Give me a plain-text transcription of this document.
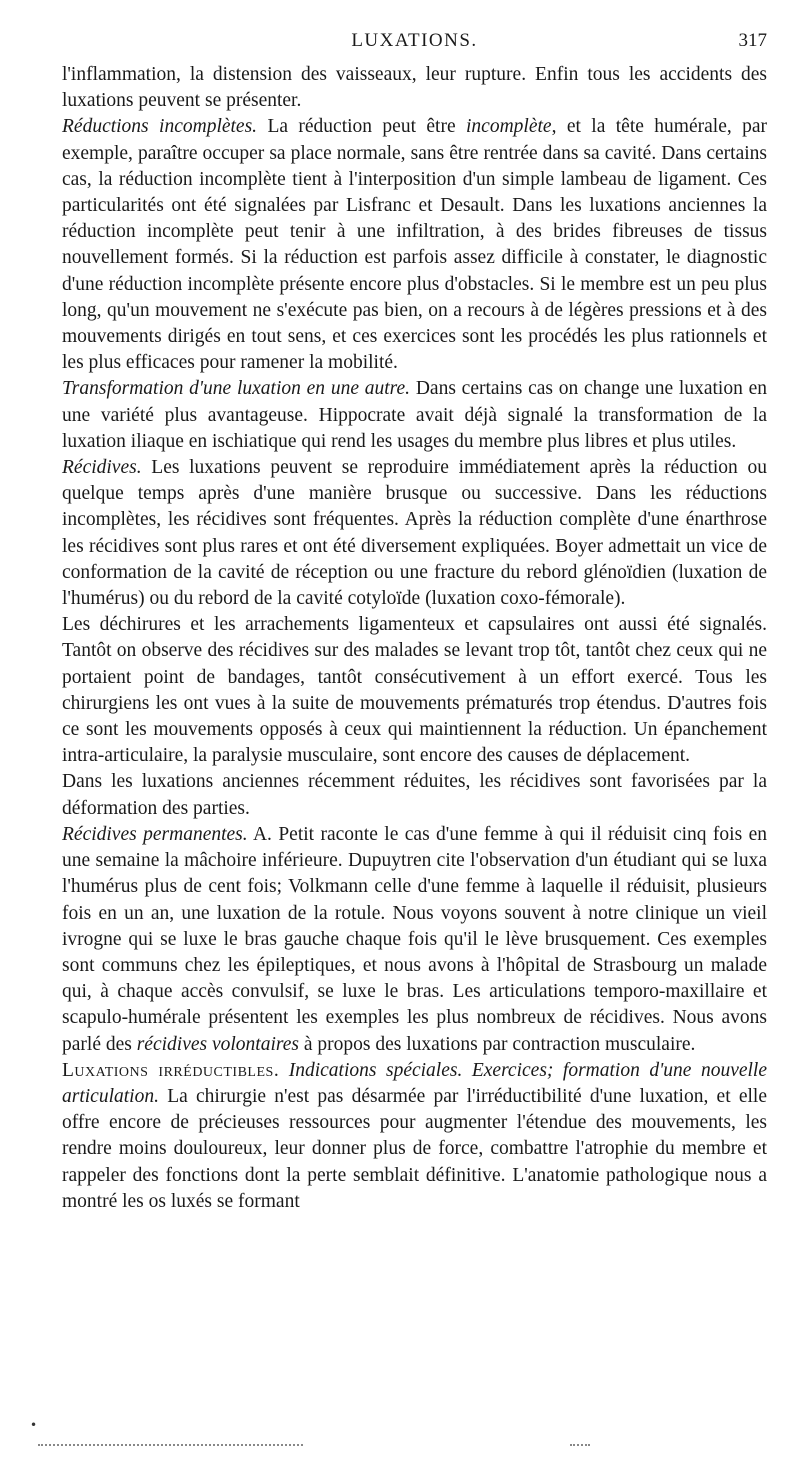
LUXATIONS.	317

l'inflammation, la distension des vaisseaux, leur rupture. Enfin tous les accidents des luxations peuvent se présenter.

Réductions incomplètes. La réduction peut être incomplète, et la tête humérale, par exemple, paraître occuper sa place normale, sans être rentrée dans sa cavité. Dans certains cas, la réduction incomplète tient à l'interposition d'un simple lambeau de ligament. Ces particularités ont été signalées par Lisfranc et Desault. Dans les luxations anciennes la réduction incomplète peut tenir à une infiltration, à des brides fibreuses de tissus nouvellement formés. Si la réduction est parfois assez difficile à constater, le diagnostic d'une réduction incomplète présente encore plus d'obstacles. Si le membre est un peu plus long, qu'un mouvement ne s'exécute pas bien, on a recours à de légères pressions et à des mouvements dirigés en tout sens, et ces exercices sont les procédés les plus rationnels et les plus efficaces pour ramener la mobilité.

Transformation d'une luxation en une autre. Dans certains cas on change une luxation en une variété plus avantageuse. Hippocrate avait déjà signalé la transformation de la luxation iliaque en ischiatique qui rend les usages du membre plus libres et plus utiles.

Récidives. Les luxations peuvent se reproduire immédiatement après la réduction ou quelque temps après d'une manière brusque ou successive. Dans les réductions incomplètes, les récidives sont fréquentes. Après la réduction complète d'une énarthrose les récidives sont plus rares et ont été diversement expliquées. Boyer admettait un vice de conformation de la cavité de réception ou une fracture du rebord glénoïdien (luxation de l'humérus) ou du rebord de la cavité cotyloïde (luxation coxo-fémorale).

Les déchirures et les arrachements ligamenteux et capsulaires ont aussi été signalés. Tantôt on observe des récidives sur des malades se levant trop tôt, tantôt chez ceux qui ne portaient point de bandages, tantôt consécutivement à un effort exercé. Tous les chirurgiens les ont vues à la suite de mouvements prématurés trop étendus. D'autres fois ce sont les mouvements opposés à ceux qui maintiennent la réduction. Un épanchement intra-articulaire, la paralysie musculaire, sont encore des causes de déplacement.

Dans les luxations anciennes récemment réduites, les récidives sont favorisées par la déformation des parties.

Récidives permanentes. A. Petit raconte le cas d'une femme à qui il réduisit cinq fois en une semaine la mâchoire inférieure. Dupuytren cite l'observation d'un étudiant qui se luxa l'humérus plus de cent fois; Volkmann celle d'une femme à laquelle il réduisit, plusieurs fois en un an, une luxation de la rotule. Nous voyons souvent à notre clinique un vieil ivrogne qui se luxe le bras gauche chaque fois qu'il le lève brusquement. Ces exemples sont communs chez les épileptiques, et nous avons à l'hôpital de Strasbourg un malade qui, à chaque accès convulsif, se luxe le bras. Les articulations temporo-maxillaire et scapulo-humérale présentent les exemples les plus nombreux de récidives. Nous avons parlé des récidives volontaires à propos des luxations par contraction musculaire.

Luxations irréductibles. Indications spéciales. Exercices; formation d'une nouvelle articulation. La chirurgie n'est pas désarmée par l'irréductibilité d'une luxation, et elle offre encore de précieuses ressources pour augmenter l'étendue des mouvements, les rendre moins douloureux, leur donner plus de force, combattre l'atrophie du membre et rappeler des fonctions dont la perte semblait définitive. L'anatomie pathologique nous a montré les os luxés se formant

•
